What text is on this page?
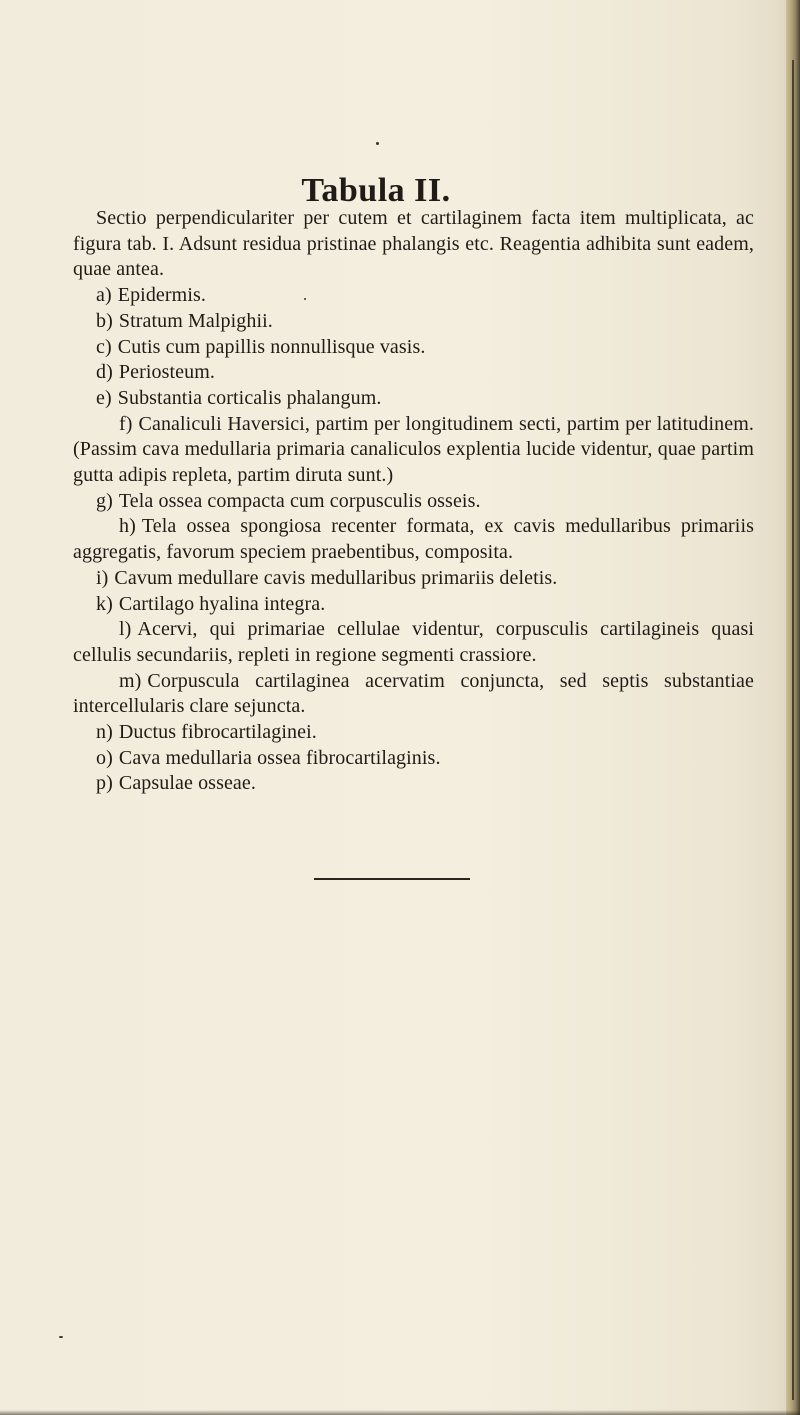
Tabula II.

Sectio perpendiculariter per cutem et cartilaginem facta item multiplicata, ac figura tab. I. Adsunt residua pristinae phalangis etc. Reagentia adhibita sunt eadem, quae antea.

a) Epidermis.

b) Stratum Malpighii.

c) Cutis cum papillis nonnullisque vasis.

d) Periosteum.

e) Substantia corticalis phalangum.

f) Canaliculi Haversici, partim per longitudinem secti, partim per latitudinem. (Passim cava medullaria primaria canaliculos explentia lucide videntur, quae partim gutta adipis repleta, partim diruta sunt.)

g) Tela ossea compacta cum corpusculis osseis.

h) Tela ossea spongiosa recenter formata, ex cavis medullaribus primariis aggregatis, favorum speciem praebentibus, composita.

i) Cavum medullare cavis medullaribus primariis deletis.

k) Cartilago hyalina integra.

l) Acervi, qui primariae cellulae videntur, corpusculis cartilagineis quasi cellulis secundariis, repleti in regione segmenti crassiore.

m) Corpuscula cartilaginea acervatim conjuncta, sed septis substantiae intercellularis clare sejuncta.

n) Ductus fibrocartilaginei.

o) Cava medullaria ossea fibrocartilaginis.

p) Capsulae osseae.
